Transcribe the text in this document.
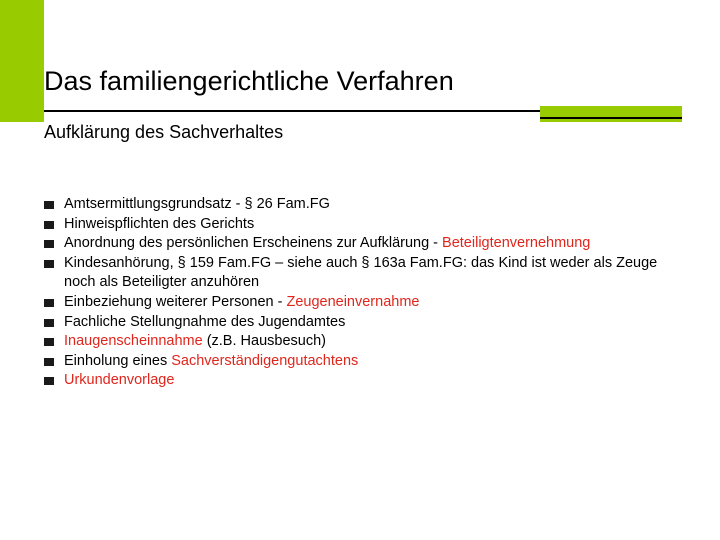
Das familiengerichtliche Verfahren
Aufklärung des Sachverhaltes
Amtsermittlungsgrundsatz - § 26 Fam.FG
Hinweispflichten des Gerichts
Anordnung des persönlichen Erscheinens zur Aufklärung - Beteiligtenvernehmung
Kindesanhörung, § 159 Fam.FG – siehe auch § 163a Fam.FG: das Kind ist weder als Zeuge noch als Beteiligter anzuhören
Einbeziehung weiterer Personen - Zeugeneinvernahme
Fachliche Stellungnahme des Jugendamtes
Inaugenscheinnahme (z.B. Hausbesuch)
Einholung eines Sachverständigengutachtens
Urkundenvorlage
